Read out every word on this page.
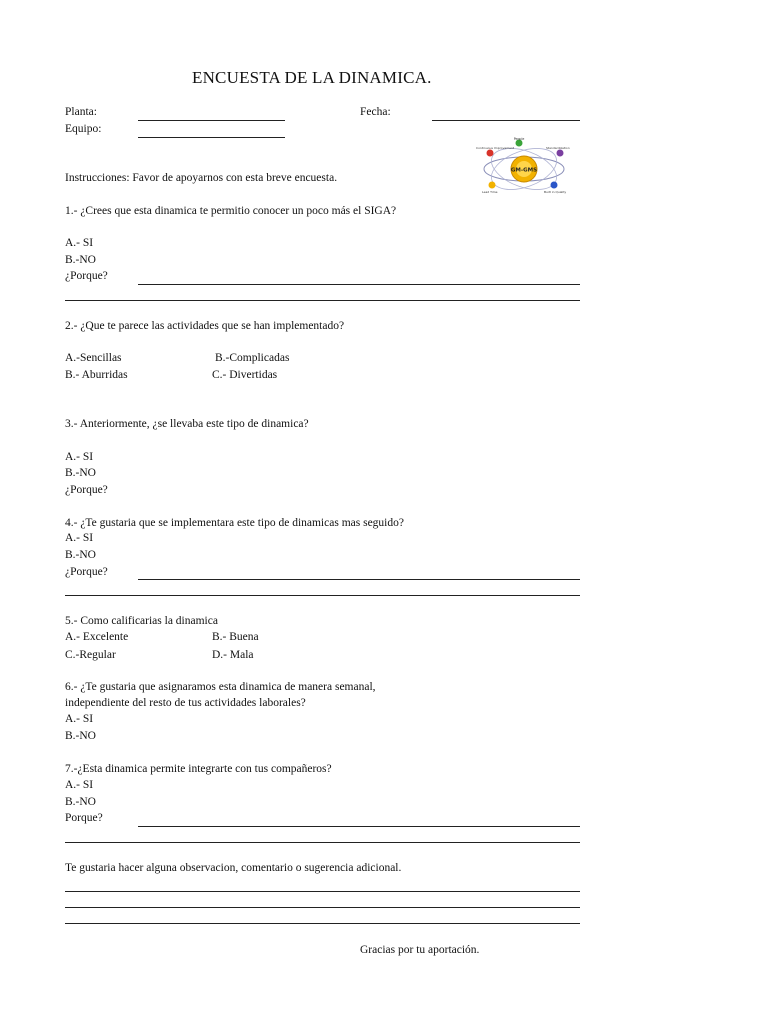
ENCUESTA DE LA DINAMICA.
Planta:	Fecha:
Equipo:
GM-GMS
People
Continuous Improvement	Standardization
Lead Time	Built in Quality
Instrucciones: Favor de apoyarnos con esta breve encuesta.
1.- ¿Crees que esta dinamica te permitio conocer un poco más el SIGA?
A.- SI
B.-NO
¿Porque?
2.- ¿Que te parece las actividades que se han implementado?
A.-Sencillas	B.-Complicadas
B.- Aburridas	C.- Divertidas
3.- Anteriormente, ¿se llevaba este tipo de dinamica?
A.- SI
B.-NO
¿Porque?
4.- ¿Te gustaria que se implementara este tipo de dinamicas mas seguido?
A.- SI
B.-NO
¿Porque?
5.- Como calificarias la dinamica
A.- Excelente	B.- Buena
C.-Regular	D.- Mala
6.- ¿Te gustaria que asignaramos esta dinamica de manera semanal,
independiente del resto de tus actividades laborales?
A.- SI
B.-NO
7.-¿Esta dinamica permite integrarte con tus compañeros?
A.- SI
B.-NO
Porque?
Te gustaria hacer alguna observacion, comentario o sugerencia adicional.
Gracias por tu aportación.
